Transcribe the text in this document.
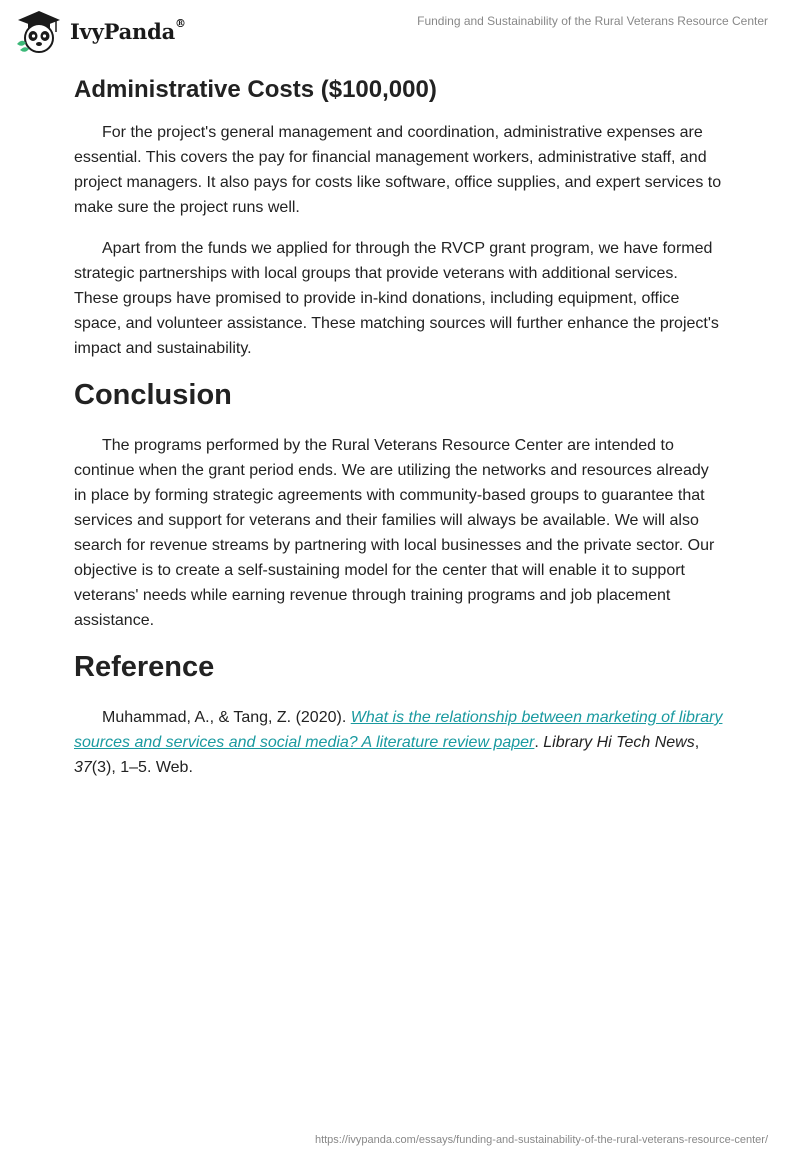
IvyPanda®	Funding and Sustainability of the Rural Veterans Resource Center
Administrative Costs ($100,000)

For the project's general management and coordination, administrative expenses are essential. This covers the pay for financial management workers, administrative staff, and project managers. It also pays for costs like software, office supplies, and expert services to make sure the project runs well.

Apart from the funds we applied for through the RVCP grant program, we have formed strategic partnerships with local groups that provide veterans with additional services. These groups have promised to provide in-kind donations, including equipment, office space, and volunteer assistance. These matching sources will further enhance the project's impact and sustainability.

Conclusion

The programs performed by the Rural Veterans Resource Center are intended to continue when the grant period ends. We are utilizing the networks and resources already in place by forming strategic agreements with community-based groups to guarantee that services and support for veterans and their families will always be available. We will also search for revenue streams by partnering with local businesses and the private sector. Our objective is to create a self-sustaining model for the center that will enable it to support veterans' needs while earning revenue through training programs and job placement assistance.

Reference

Muhammad, A., & Tang, Z. (2020). What is the relationship between marketing of library sources and services and social media? A literature review paper. Library Hi Tech News, 37(3), 1–5. Web.

https://ivypanda.com/essays/funding-and-sustainability-of-the-rural-veterans-resource-center/
